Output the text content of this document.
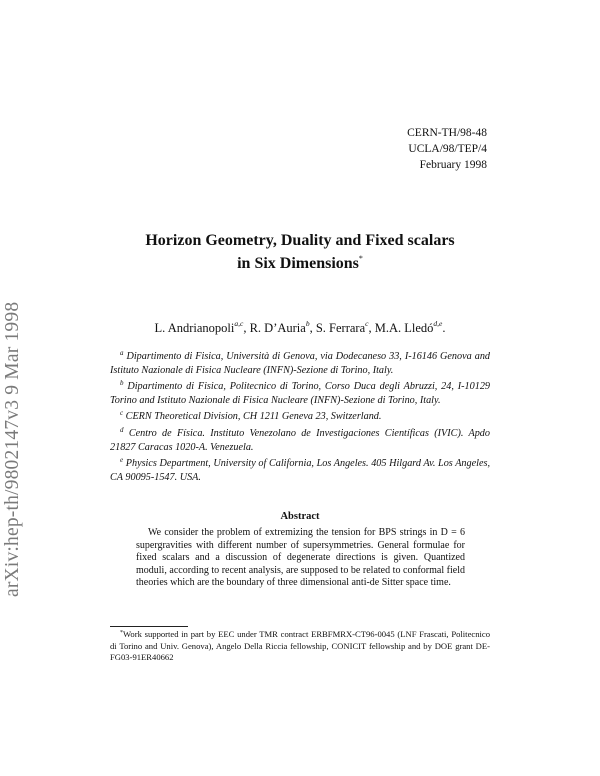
arXiv:hep-th/9802147v3 9 Mar 1998
CERN-TH/98-48
UCLA/98/TEP/4
February 1998
Horizon Geometry, Duality and Fixed scalars
in Six Dimensions*
L. Andrianopoli$^{a,c}$, R. D’Auria$^b$, S. Ferrara$^c$, M.A. Lledó$^{d,e}$.

$^a$ Dipartimento di Fisica, Università di Genova, via Dodecaneso 33, I-16146 Genova and Istituto Nazionale di Fisica Nucleare (INFN)-Sezione di Torino, Italy.

$^b$ Dipartimento di Fisica, Politecnico di Torino, Corso Duca degli Abruzzi, 24, I-10129 Torino and Istituto Nazionale di Fisica Nucleare (INFN)-Sezione di Torino, Italy.

$^c$ CERN Theoretical Division, CH 1211 Geneva 23, Switzerland.

$^d$ Centro de Física. Instituto Venezolano de Investigaciones Científicas (IVIC). Apdo 21827 Caracas 1020-A. Venezuela.

$^e$ Physics Department, University of California, Los Angeles. 405 Hilgard Av. Los Angeles, CA 90095-1547. USA.

Abstract

We consider the problem of extremizing the tension for BPS strings in D = 6 supergravities with different number of supersymmetries. General formulae for fixed scalars and a discussion of degenerate directions is given. Quantized moduli, according to recent analysis, are supposed to be related to conformal field theories which are the boundary of three dimensional anti-de Sitter space time.

*Work supported in part by EEC under TMR contract ERBFMRX-CT96-0045 (LNF Frascati, Politecnico di Torino and Univ. Genova), Angelo Della Riccia fellowship, CONICIT fellowship and by DOE grant DE-FG03-91ER40662
